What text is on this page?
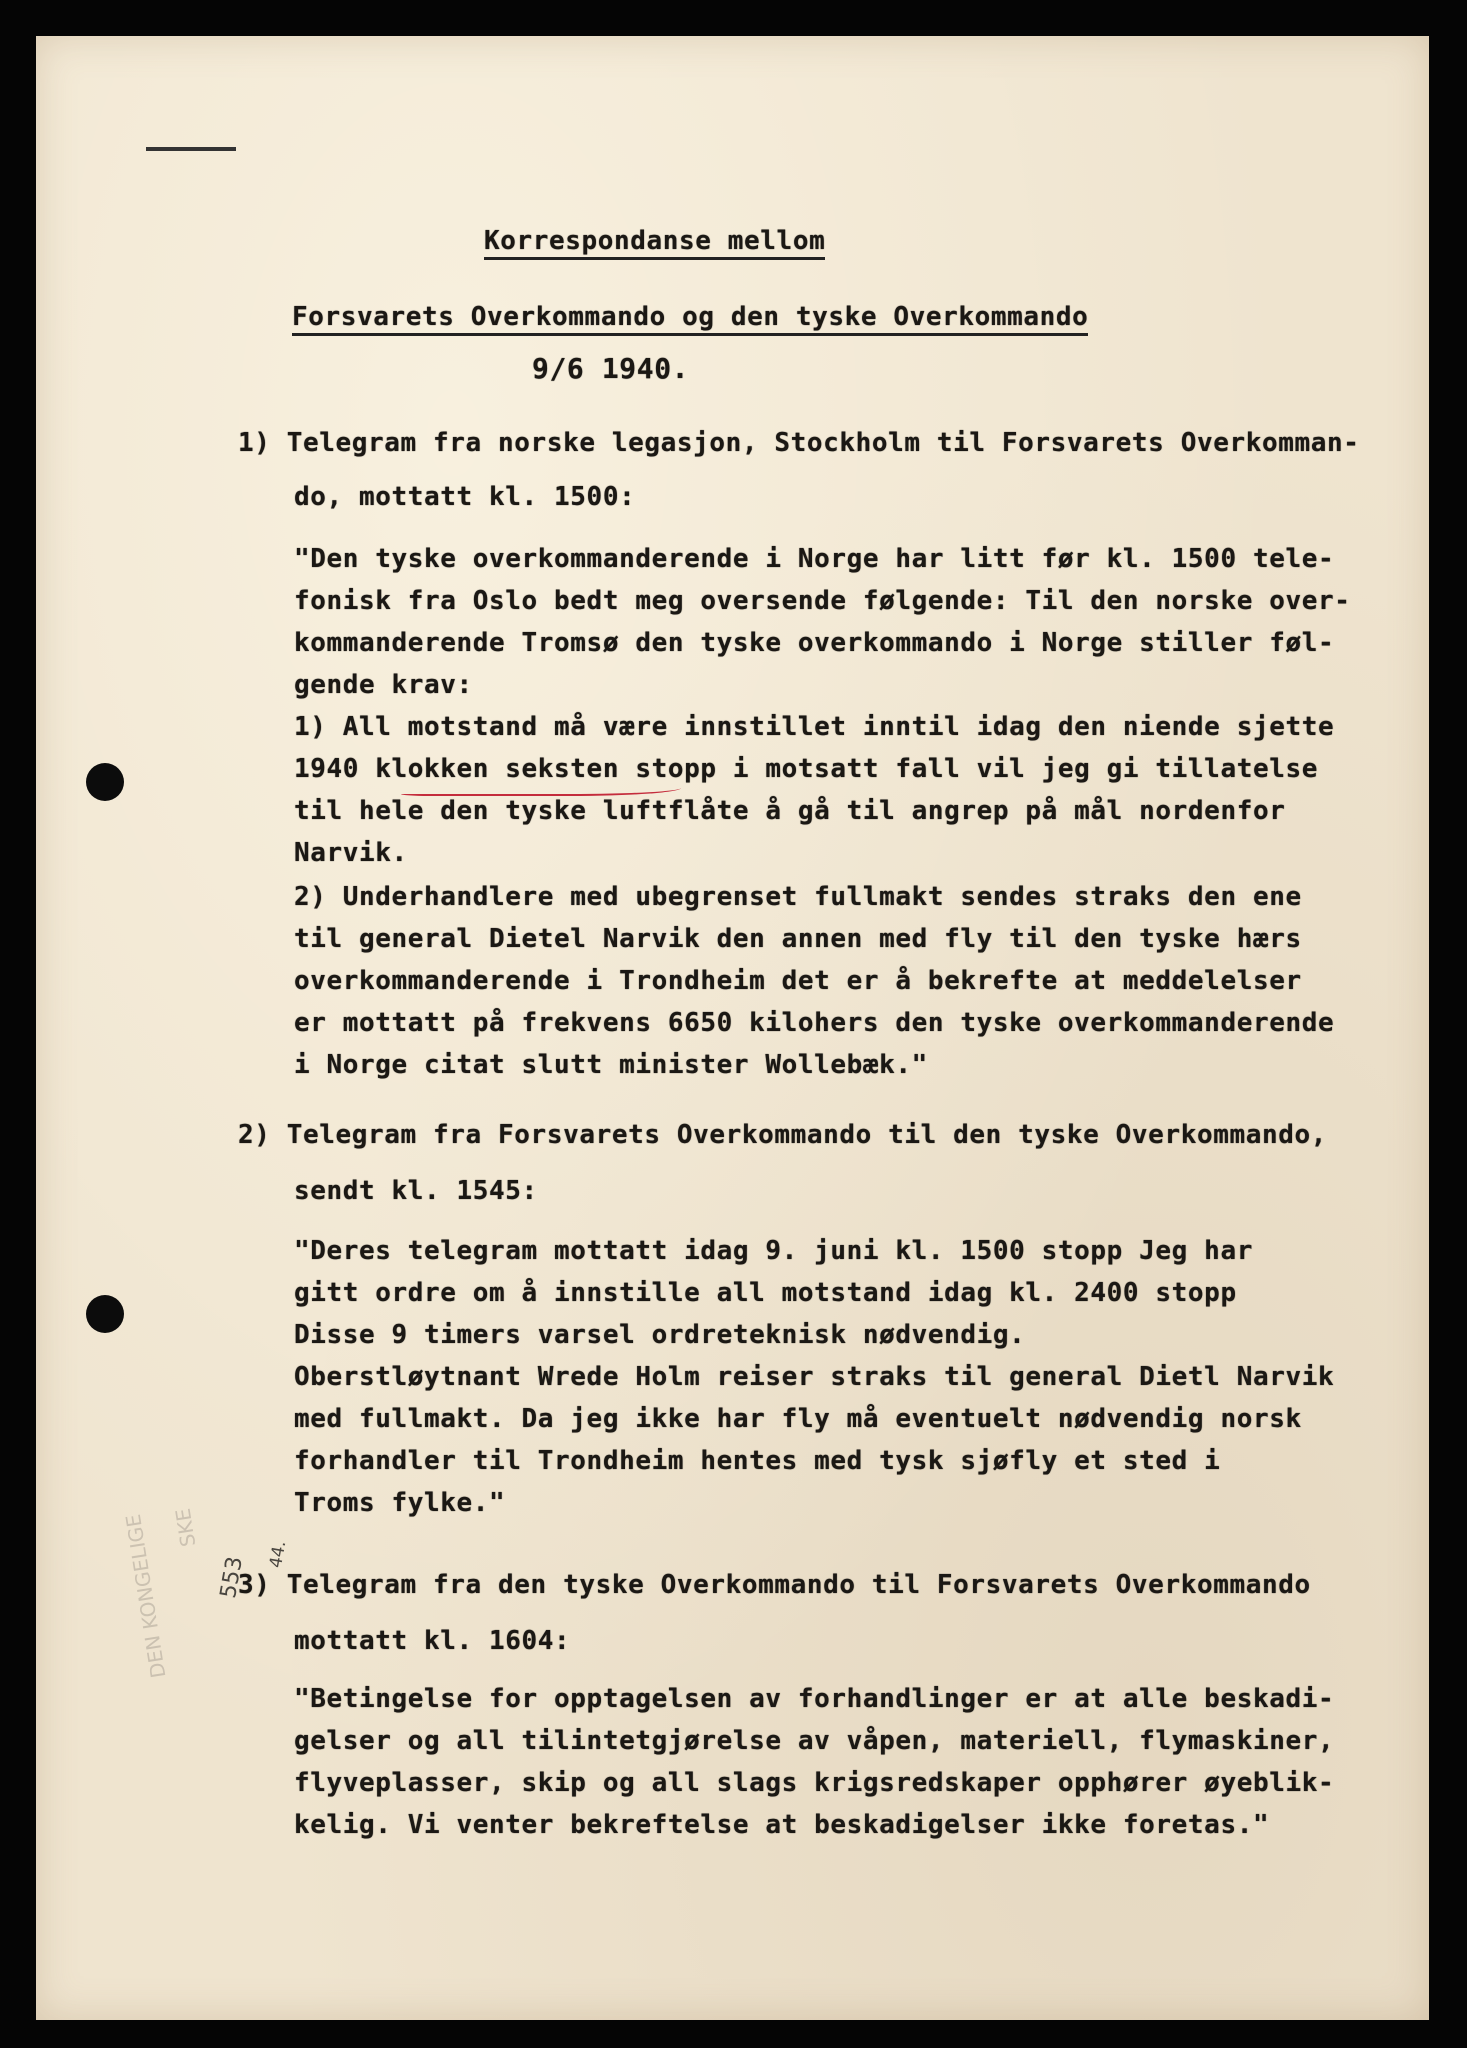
Korrespondanse mellom
Forsvarets Overkommando og den tyske Overkommando
9/6 1940.
1) Telegram fra norske legasjon, Stockholm til Forsvarets Overkomman-
do, mottatt kl. 1500:
"Den tyske overkommanderende i Norge har litt før kl. 1500 tele-
fonisk fra Oslo bedt meg oversende følgende: Til den norske over-
kommanderende Tromsø den tyske overkommando i Norge stiller føl-
gende krav:
1) All motstand må være innstillet inntil idag den niende sjette
1940 klokken seksten stopp i motsatt fall vil jeg gi tillatelse
til hele den tyske luftflåte å gå til angrep på mål nordenfor
Narvik.
2) Underhandlere med ubegrenset fullmakt sendes straks den ene
til general Dietel Narvik den annen med fly til den tyske hærs
overkommanderende i Trondheim det er å bekrefte at meddelelser
er mottatt på frekvens 6650 kilohers den tyske overkommanderende
i Norge citat slutt minister Wollebæk."
2) Telegram fra Forsvarets Overkommando til den tyske Overkommando,
sendt kl. 1545:
"Deres telegram mottatt idag 9. juni kl. 1500 stopp Jeg har
gitt ordre om å innstille all motstand idag kl. 2400 stopp
Disse 9 timers varsel ordreteknisk nødvendig.
Oberstløytnant Wrede Holm reiser straks til general Dietl Narvik
med fullmakt. Da jeg ikke har fly må eventuelt nødvendig norsk
forhandler til Trondheim hentes med tysk sjøfly et sted i
Troms fylke."
3) Telegram fra den tyske Overkommando til Forsvarets Overkommando
mottatt kl. 1604:
"Betingelse for opptagelsen av forhandlinger er at alle beskadi-
gelser og all tilintetgjørelse av våpen, materiell, flymaskiner,
flyveplasser, skip og all slags krigsredskaper opphører øyeblik-
kelig. Vi venter bekreftelse at beskadigelser ikke foretas."
553
44.
DEN KONGELIGE SKE
